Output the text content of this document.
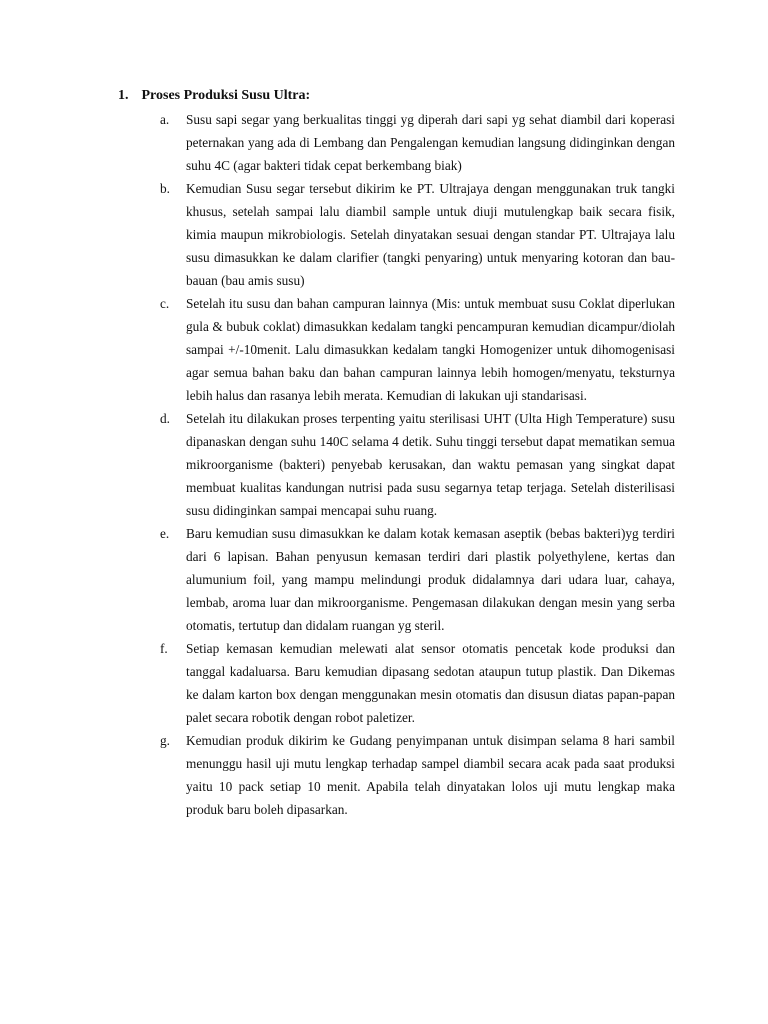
1. Proses Produksi Susu Ultra:
a.	Susu sapi segar yang berkualitas tinggi yg diperah dari sapi yg sehat diambil dari koperasi peternakan yang ada di Lembang dan Pengalengan kemudian langsung didinginkan dengan suhu 4C (agar bakteri tidak cepat berkembang biak)
b.	Kemudian Susu segar tersebut dikirim ke PT. Ultrajaya dengan menggunakan truk tangki khusus, setelah sampai lalu diambil sample untuk diuji mutulengkap baik secara fisik, kimia maupun mikrobiologis. Setelah dinyatakan sesuai dengan standar PT. Ultrajaya lalu susu dimasukkan ke dalam clarifier (tangki penyaring) untuk menyaring kotoran dan bau-bauan (bau amis susu)
c.	Setelah itu susu dan bahan campuran lainnya (Mis: untuk membuat susu Coklat diperlukan gula & bubuk coklat) dimasukkan kedalam tangki pencampuran kemudian dicampur/diolah sampai +/-10menit. Lalu dimasukkan kedalam tangki Homogenizer untuk dihomogenisasi agar semua bahan baku dan bahan campuran lainnya lebih homogen/menyatu, teksturnya lebih halus dan rasanya lebih merata. Kemudian di lakukan uji standarisasi.
d.	Setelah itu dilakukan proses terpenting yaitu sterilisasi UHT (Ulta High Temperature) susu dipanaskan dengan suhu 140C selama 4 detik. Suhu tinggi tersebut dapat mematikan semua mikroorganisme (bakteri) penyebab kerusakan, dan waktu pemasan yang singkat dapat membuat kualitas kandungan nutrisi pada susu segarnya tetap terjaga. Setelah disterilisasi susu didinginkan sampai mencapai suhu ruang.
e.	Baru kemudian susu dimasukkan ke dalam kotak kemasan aseptik (bebas bakteri)yg terdiri dari 6 lapisan. Bahan penyusun kemasan terdiri dari plastik polyethylene, kertas dan alumunium foil, yang mampu melindungi produk didalamnya dari udara luar, cahaya, lembab, aroma luar dan mikroorganisme. Pengemasan dilakukan dengan mesin yang serba otomatis, tertutup dan didalam ruangan yg steril.
f.	Setiap kemasan kemudian melewati alat sensor otomatis pencetak kode produksi dan tanggal kadaluarsa. Baru kemudian dipasang sedotan ataupun tutup plastik. Dan Dikemas ke dalam karton box dengan menggunakan mesin otomatis dan disusun diatas papan-papan palet secara robotik dengan robot paletizer.
g.	Kemudian produk dikirim ke Gudang penyimpanan untuk disimpan selama 8 hari sambil menunggu hasil uji mutu lengkap terhadap sampel diambil secara acak pada saat produksi yaitu 10 pack setiap 10 menit. Apabila telah dinyatakan lolos uji mutu lengkap maka produk baru boleh dipasarkan.
